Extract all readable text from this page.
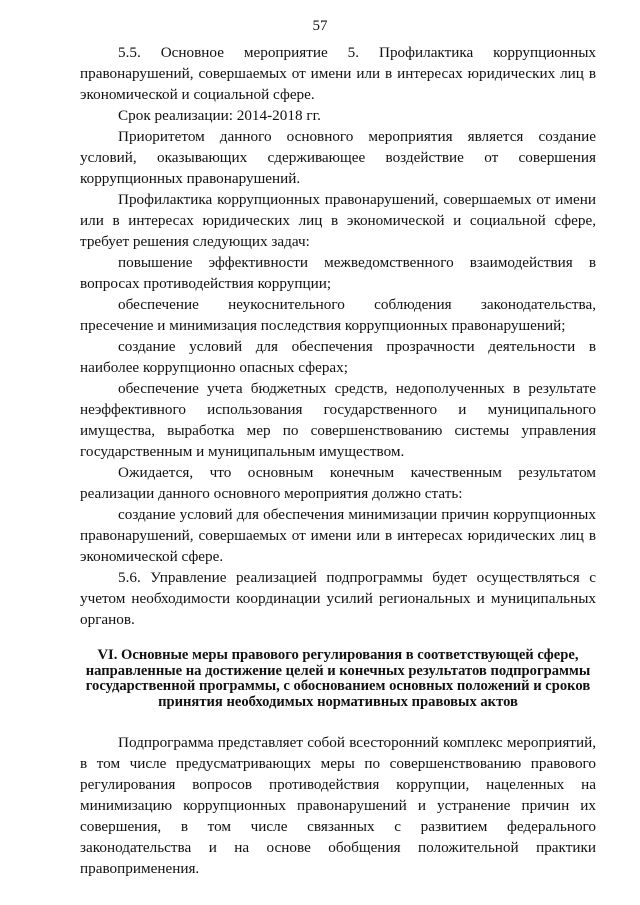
57

5.5. Основное мероприятие 5. Профилактика коррупционных правонарушений, совершаемых от имени или в интересах юридических лиц в экономической и социальной сфере.

Срок реализации: 2014-2018 гг.

Приоритетом данного основного мероприятия является создание условий, оказывающих сдерживающее воздействие от совершения коррупционных правонарушений.

Профилактика коррупционных правонарушений, совершаемых от имени или в интересах юридических лиц в экономической и социальной сфере, требует решения следующих задач:

повышение эффективности межведомственного взаимодействия в вопросах противодействия коррупции;

обеспечение неукоснительного соблюдения законодательства, пресечение и минимизация последствия коррупционных правонарушений;

создание условий для обеспечения прозрачности деятельности в наиболее коррупционно опасных сферах;

обеспечение учета бюджетных средств, недополученных в результате неэффективного использования государственного и муниципального имущества, выработка мер по совершенствованию системы управления государственным и муниципальным имуществом.

Ожидается, что основным конечным качественным результатом реализации данного основного мероприятия должно стать:

создание условий для обеспечения минимизации причин коррупционных правонарушений, совершаемых от имени или в интересах юридических лиц в экономической сфере.

5.6. Управление реализацией подпрограммы будет осуществляться с учетом необходимости координации усилий региональных и муниципальных органов.

VI. Основные меры правового регулирования в соответствующей сфере, направленные на достижение целей и конечных результатов подпрограммы государственной программы, с обоснованием основных положений и сроков принятия необходимых нормативных правовых актов

Подпрограмма представляет собой всесторонний комплекс мероприятий, в том числе предусматривающих меры по совершенствованию правового регулирования вопросов противодействия коррупции, нацеленных на минимизацию коррупционных правонарушений и устранение причин их совершения, в том числе связанных с развитием федерального законодательства и на основе обобщения положительной практики правоприменения.
